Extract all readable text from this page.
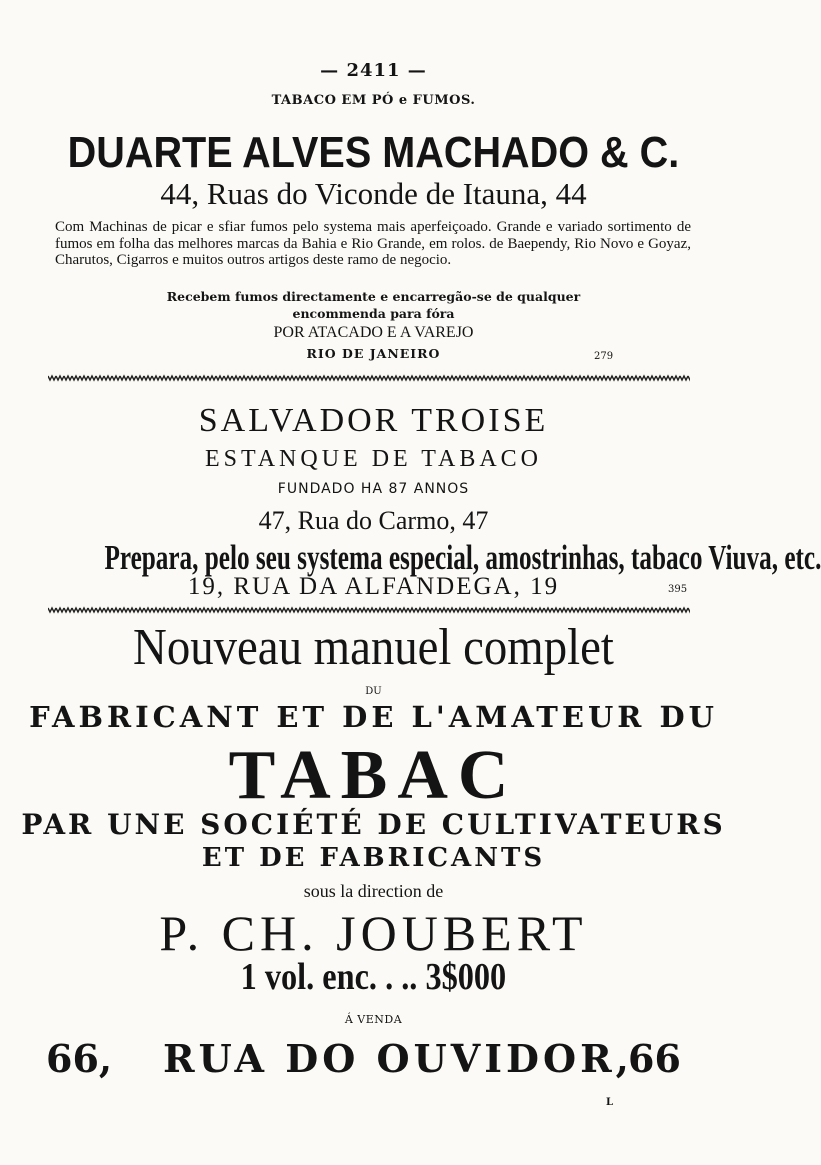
— 2411 —
TABACO EM PÓ e FUMOS.
DUARTE ALVES MACHADO & C.
44, Ruas do Viconde de Itauna, 44
Com Machinas de picar e sfiar fumos pelo systema mais aperfeiçoado. Grande e variado sortimento de fumos em folha das melhores marcas da Bahia e Rio Grande, em rolos. de Baependy, Rio Novo e Goyaz, Charutos, Cigarros e muitos outros artigos deste ramo de negocio.
Recebem fumos directamente e encarregão-se de qualquer
encommenda para fóra
POR ATACADO E A VAREJO
RIO DE JANEIRO	279
SALVADOR TROISE
ESTANQUE DE TABACO
FUNDADO HA 87 ANNOS
47, Rua do Carmo, 47
Prepara, pelo seu systema especial, amostrinhas, tabaco Viuva, etc.
19, RUA DA ALFANDEGA, 19	395
Nouveau manuel complet
DU
FABRICANT ET DE L'AMATEUR DU
TABAC
PAR UNE SOCIÉTÉ DE CULTIVATEURS
ET DE FABRICANTS
sous la direction de
P. CH. JOUBERT
1 vol. enc. . .. 3$000
Á VENDA
66, RUA DO OUVIDOR,
66
L
